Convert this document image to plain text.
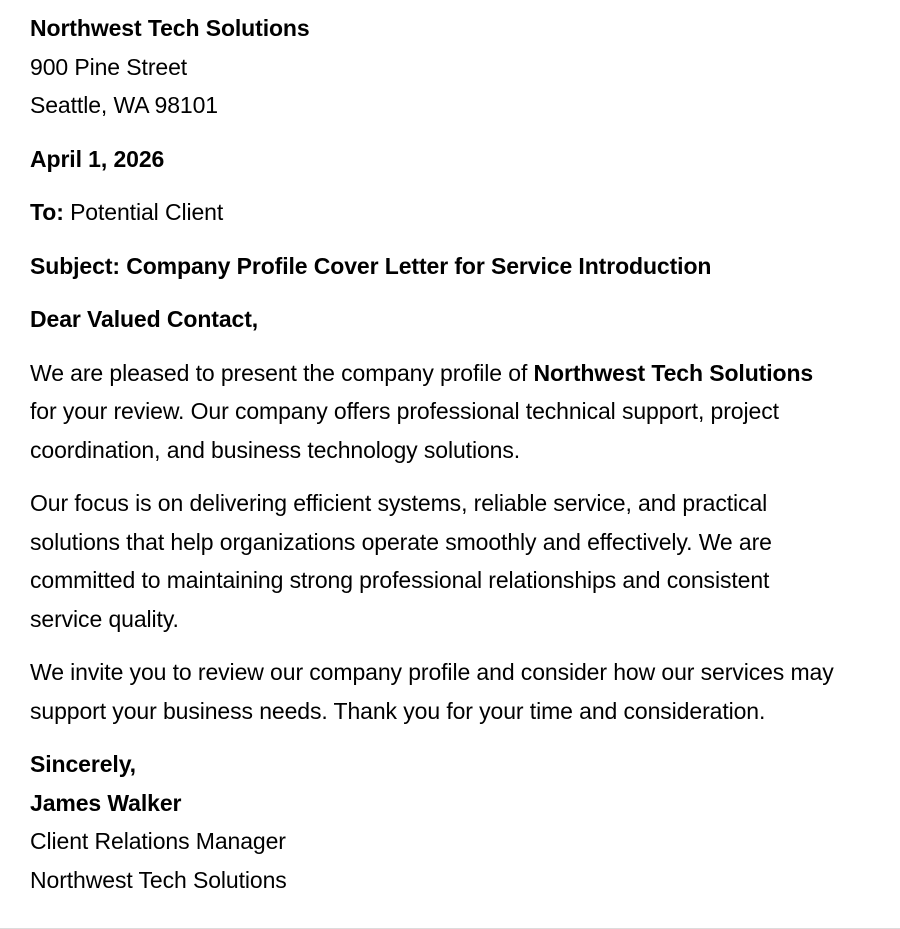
Northwest Tech Solutions
900 Pine Street
Seattle, WA 98101

April 1, 2026

To: Potential Client

Subject: Company Profile Cover Letter for Service Introduction

Dear Valued Contact,

We are pleased to present the company profile of Northwest Tech Solutions for your review. Our company offers professional technical support, project coordination, and business technology solutions.

Our focus is on delivering efficient systems, reliable service, and practical solutions that help organizations operate smoothly and effectively. We are committed to maintaining strong professional relationships and consistent service quality.

We invite you to review our company profile and consider how our services may support your business needs. Thank you for your time and consideration.

Sincerely,
James Walker
Client Relations Manager
Northwest Tech Solutions
